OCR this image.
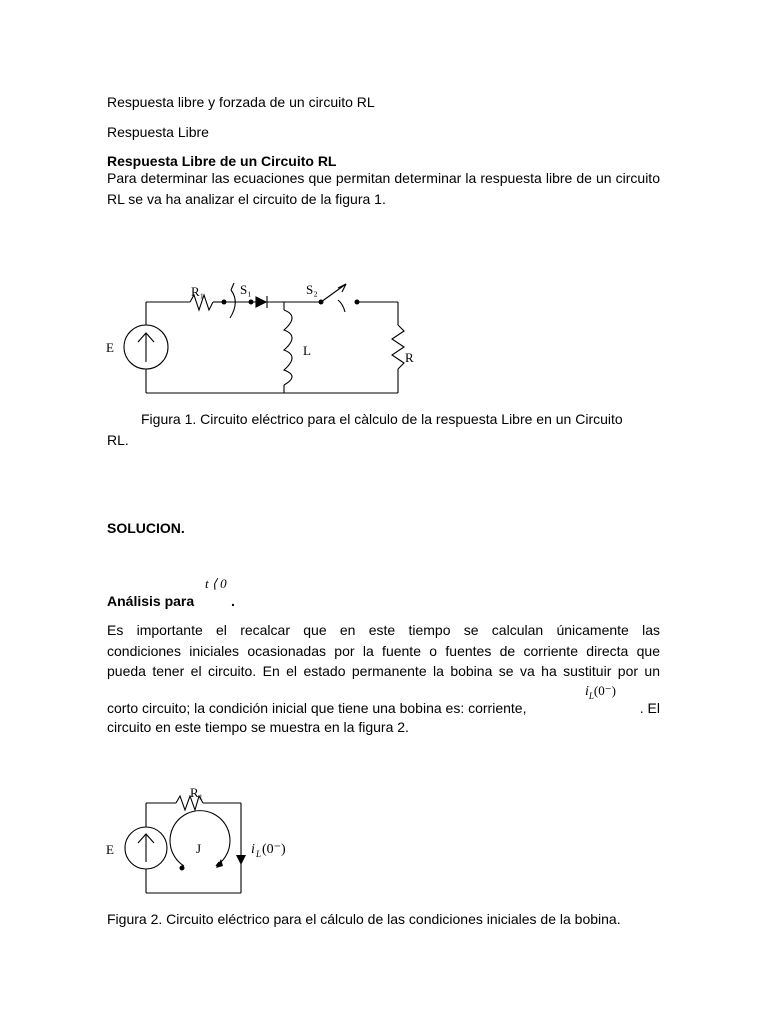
Respuesta libre y forzada de un circuito RL
Respuesta Libre
Respuesta Libre de un Circuito RL
Para determinar las ecuaciones que permitan determinar la respuesta libre de un circuito RL se va ha analizar el circuito de la figura 1.
E
R₁	S₁	S₂
L	R
Figura 1. Circuito eléctrico para el càlculo de la respuesta Libre en un Circuito
RL.
SOLUCION.
t ⟨ 0
Análisis para	.
Es importante el recalcar que en este tiempo se calculan únicamente las
condiciones iniciales ocasionadas por la fuente o fuentes de corriente directa que
pueda tener el circuito. En el estado permanente la bobina se va ha sustituir por un
$i_L(0^-)$
corto circuito; la condición inicial que tiene una bobina es: corriente,	. El
circuito en este tiempo se muestra en la figura 2.
E
R₁
J	i L (0⁻)
Figura 2. Circuito eléctrico para el cálculo de las condiciones iniciales de la bobina.
